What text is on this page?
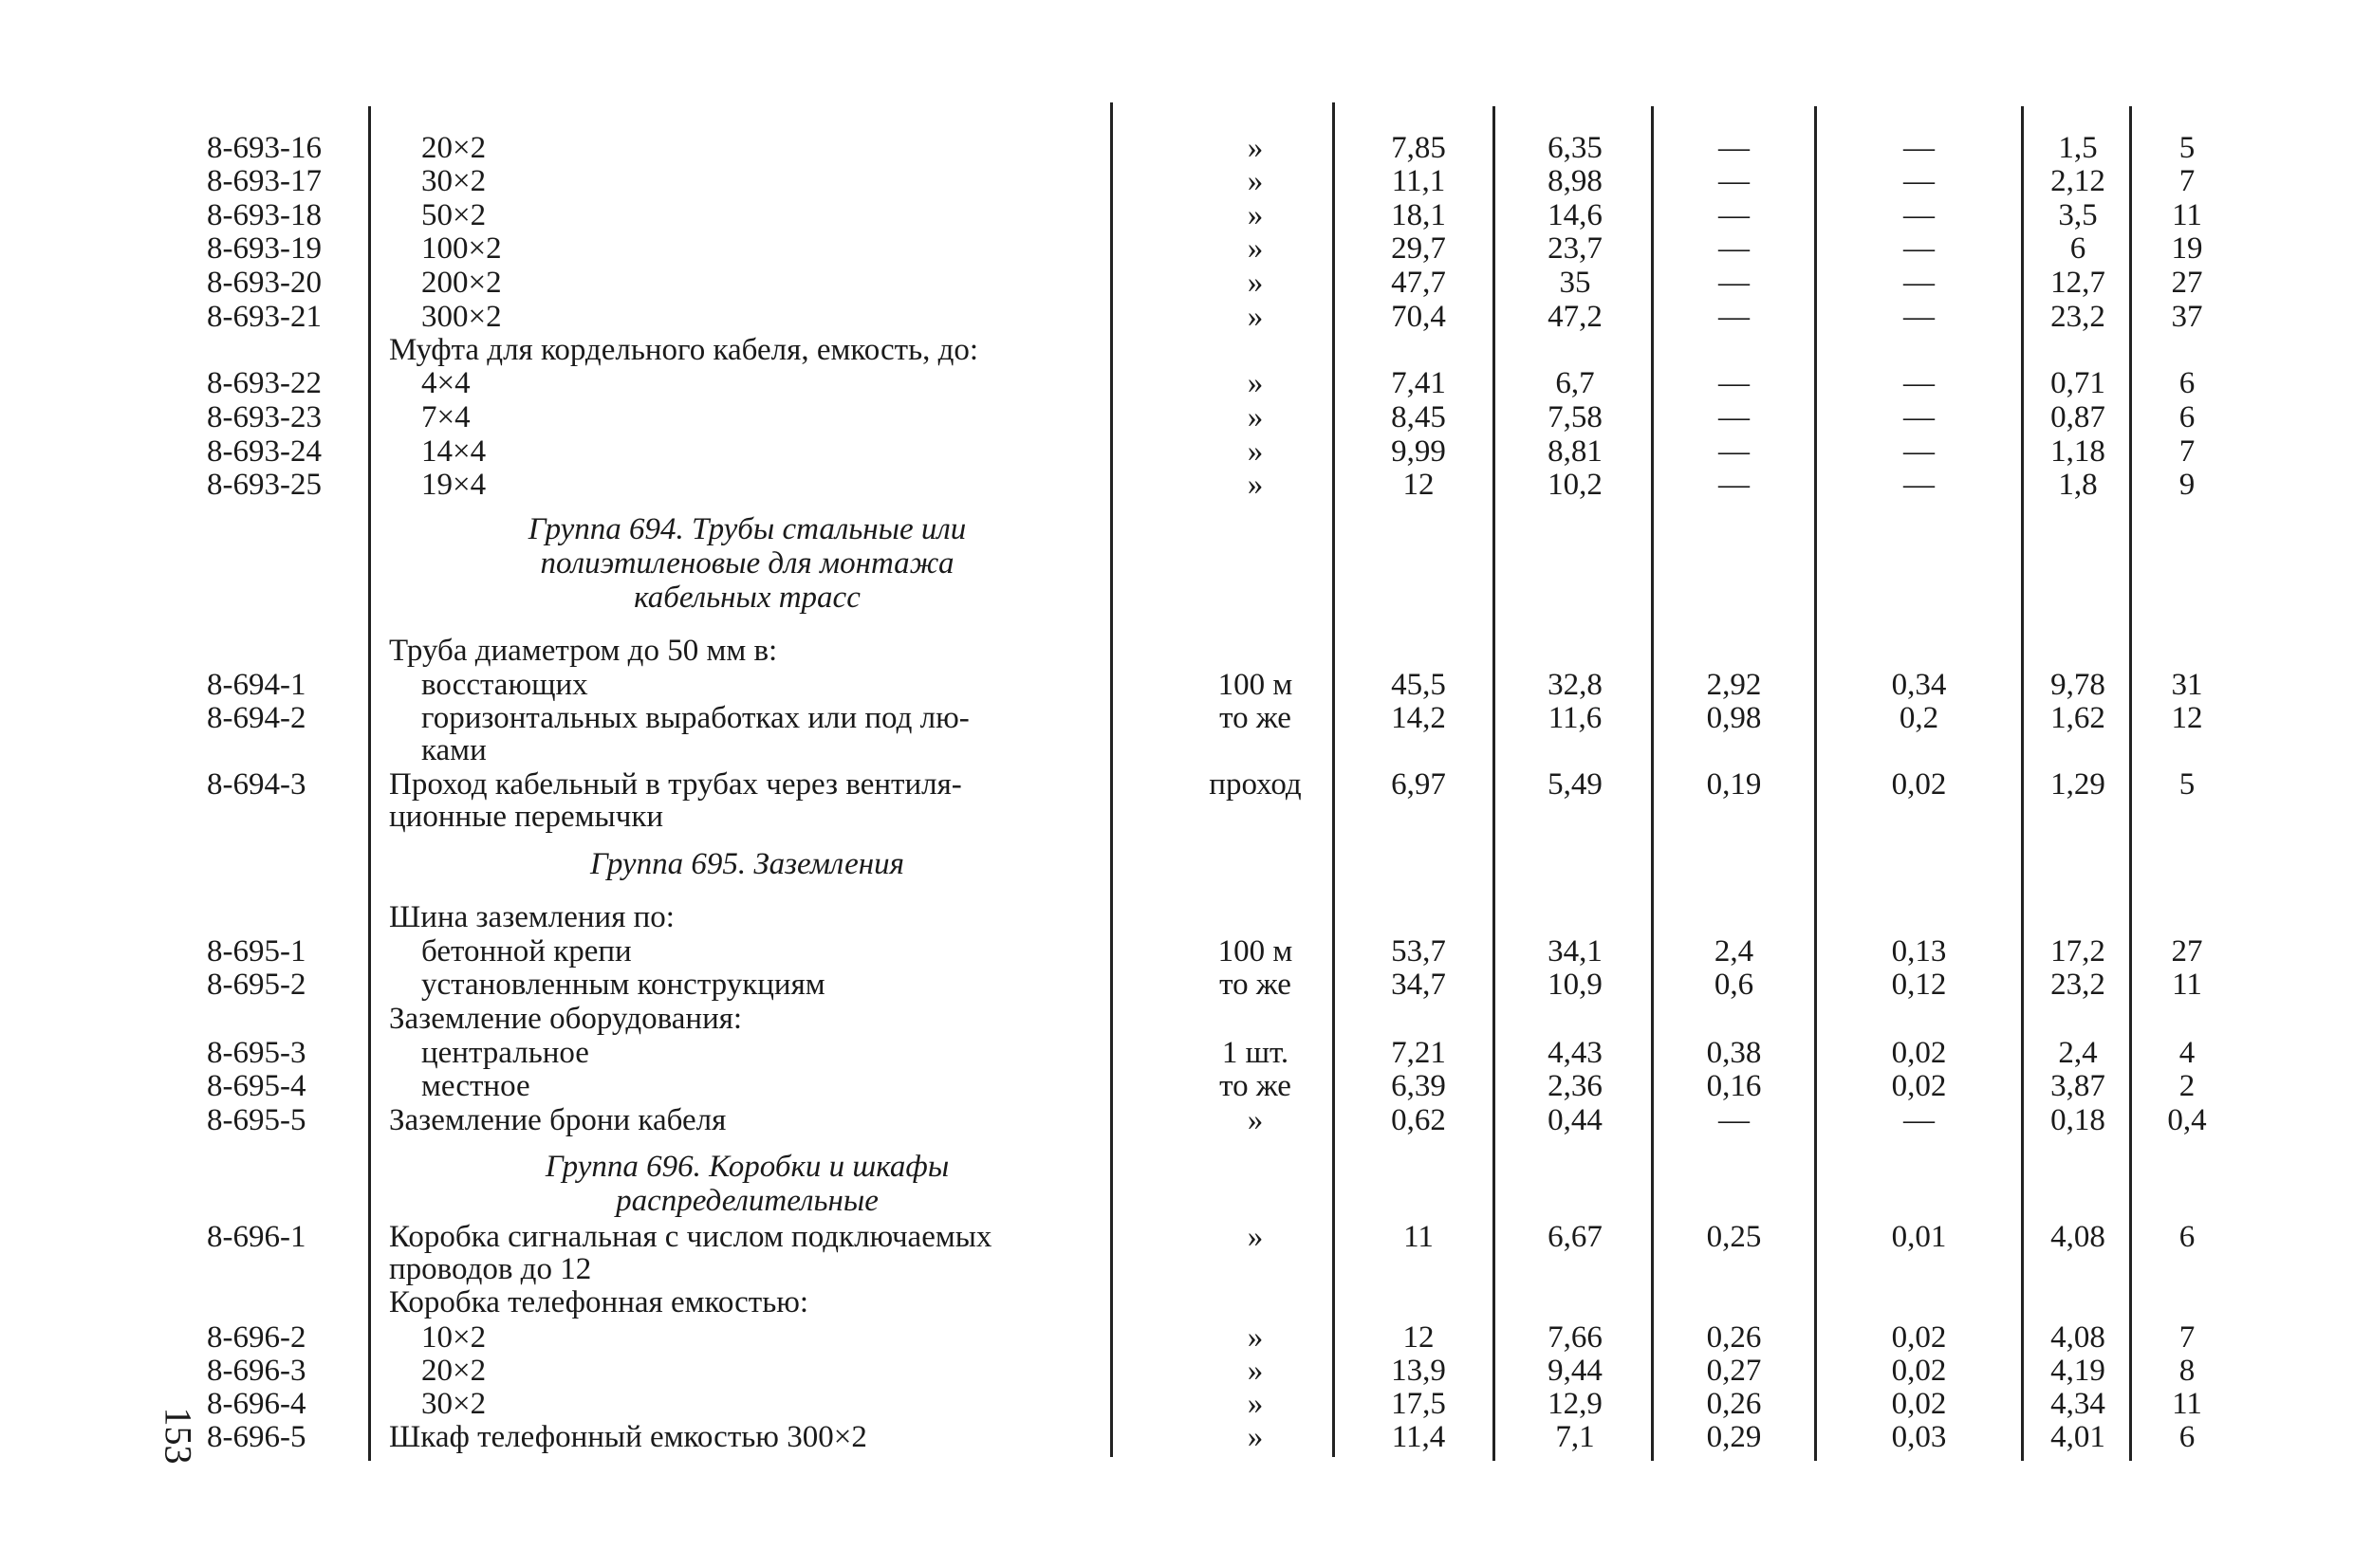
8-693-16	20×2	»	7,85	6,35	—	—	1,5	5
8-693-17	30×2	»	11,1	8,98	—	—	2,12	7
8-693-18	50×2	»	18,1	14,6	—	—	3,5	11
8-693-19	100×2	»	29,7	23,7	—	—	6	19
8-693-20	200×2	»	47,7	35	—	—	12,7	27
8-693-21	300×2	»	70,4	47,2	—	—	23,2	37
Муфта для кордельного кабеля, емкость, до:
8-693-22	4×4	»	7,41	6,7	—	—	0,71	6
8-693-23	7×4	»	8,45	7,58	—	—	0,87	6
8-693-24	14×4	»	9,99	8,81	—	—	1,18	7
8-693-25	19×4	»	12	10,2	—	—	1,8	9
Труба диаметром до 50 мм в:
8-694-1	восстающих	100 м	45,5	32,8	2,92	0,34	9,78	31
8-694-2	горизонтальных выработках или под лю-	то же	14,2	11,6	0,98	0,2	1,62	12
ками
8-694-3	Проход кабельный в трубах через вентиля-	проход	6,97	5,49	0,19	0,02	1,29	5
ционные перемычки
Шина заземления по:
8-695-1	бетонной крепи	100 м	53,7	34,1	2,4	0,13	17,2	27
8-695-2	установленным конструкциям	то же	34,7	10,9	0,6	0,12	23,2	11
Заземление оборудования:
8-695-3	центральное	1 шт.	7,21	4,43	0,38	0,02	2,4	4
8-695-4	местное	то же	6,39	2,36	0,16	0,02	3,87	2
8-695-5	Заземление брони кабеля	»	0,62	0,44	—	—	0,18	0,4
8-696-1	Коробка сигнальная с числом подключаемых	»	11	6,67	0,25	0,01	4,08	6
проводов до 12
Коробка телефонная емкостью:
8-696-2	10×2	»	12	7,66	0,26	0,02	4,08	7
8-696-3	20×2	»	13,9	9,44	0,27	0,02	4,19	8
8-696-4	30×2	»	17,5	12,9	0,26	0,02	4,34	11
8-696-5	Шкаф телефонный емкостью 300×2	»	11,4	7,1	0,29	0,03	4,01	6
Группа 694. Трубы стальные или
полиэтиленовые для монтажа
кабельных трасс
Группа 695. Заземления
Группа 696. Коробки и шкафы
распределительные
153
